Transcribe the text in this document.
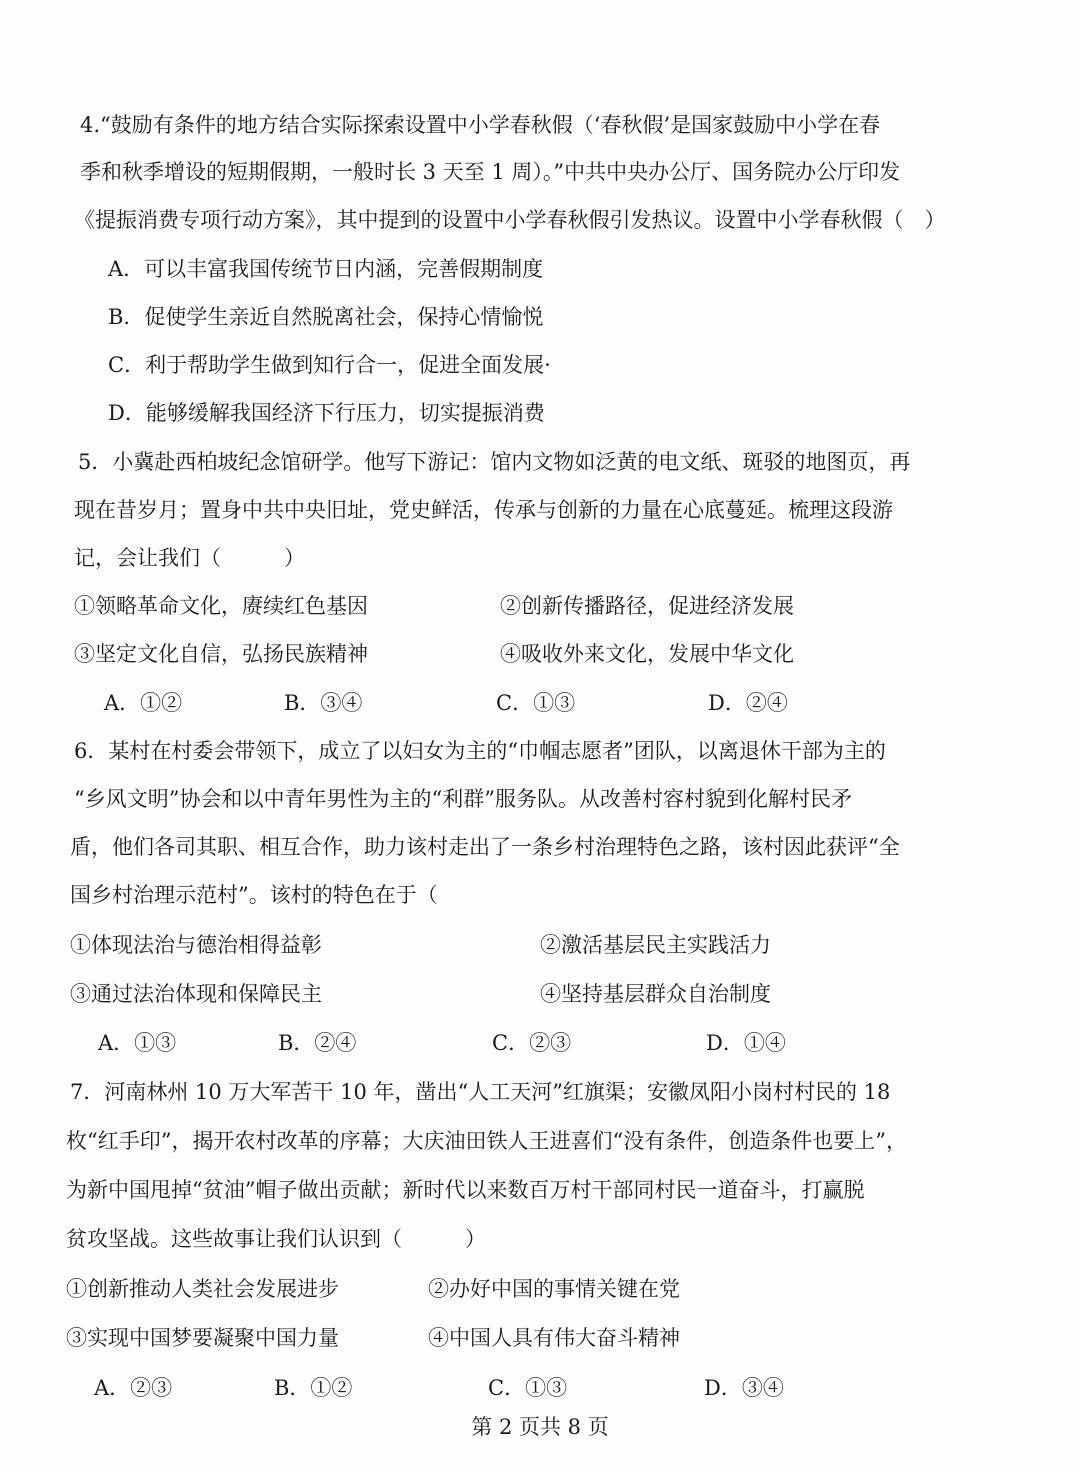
4.“鼓励有条件的地方结合实际探索设置中小学春秋假（‘春秋假’是国家鼓励中小学在春
季和秋季增设的短期假期，一般时长 3 天至 1 周）。”中共中央办公厅、国务院办公厅印发
《提振消费专项行动方案》，其中提到的设置中小学春秋假引发热议。设置中小学春秋假（　）
A．可以丰富我国传统节日内涵，完善假期制度
B．促使学生亲近自然脱离社会，保持心情愉悦
C．利于帮助学生做到知行合一，促进全面发展·
D．能够缓解我国经济下行压力，切实提振消费
5．小冀赴西柏坡纪念馆研学。他写下游记：馆内文物如泛黄的电文纸、斑驳的地图页，再
现在昔岁月；置身中共中央旧址，党史鲜活，传承与创新的力量在心底蔓延。梳理这段游
记，会让我们（　　　）
①领略革命文化，赓续红色基因	②创新传播路径，促进经济发展
③坚定文化自信，弘扬民族精神	④吸收外来文化，发展中华文化
A．①②	B．③④	C．①③	D．②④
6．某村在村委会带领下，成立了以妇女为主的“巾帼志愿者”团队，以离退休干部为主的
“乡风文明”协会和以中青年男性为主的“利群”服务队。从改善村容村貌到化解村民矛
盾，他们各司其职、相互合作，助力该村走出了一条乡村治理特色之路，该村因此获评“全
国乡村治理示范村”。该村的特色在于（
①体现法治与德治相得益彰	②激活基层民主实践活力
③通过法治体现和保障民主	④坚持基层群众自治制度
A．①③	B．②④	C．②③	D．①④
7．河南林州 10 万大军苦干 10 年，凿出“人工天河”红旗渠；安徽凤阳小岗村村民的 18
枚“红手印”，揭开农村改革的序幕；大庆油田铁人王进喜们“没有条件，创造条件也要上”，
为新中国甩掉“贫油”帽子做出贡献；新时代以来数百万村干部同村民一道奋斗，打赢脱
贫攻坚战。这些故事让我们认识到（　　　）
①创新推动人类社会发展进步	②办好中国的事情关键在党
③实现中国梦要凝聚中国力量	④中国人具有伟大奋斗精神
A．②③	B．①②	C．①③	D．③④
第 2 页共 8 页
